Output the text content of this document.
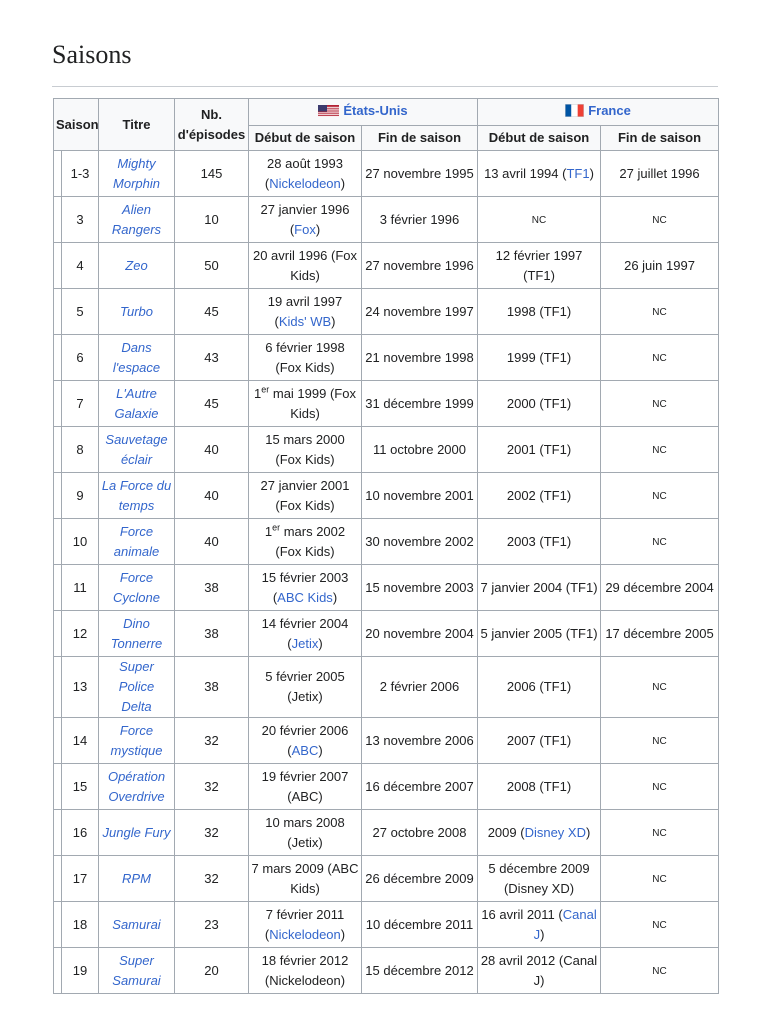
Saisons
Saison		Titre	Nb.
d'épisodes	États-Unis		France	
				Début de saison	Fin de saison	Début de saison	Fin de saison
	1-3	Mighty
Morphin	145	28 août 1993
(Nickelodeon)	27 novembre 1995	13 avril 1994 (TF1)	27 juillet 1996
	3	Alien
Rangers	10	27 janvier 1996
(Fox)	3 février 1996	NC	NC
	4	Zeo	50	20 avril 1996 (Fox
Kids)	27 novembre 1996	12 février 1997
(TF1)	26 juin 1997
	5	Turbo	45	19 avril 1997
(Kids' WB)	24 novembre 1997	1998 (TF1)	NC
	6	Dans
l'espace	43	6 février 1998
(Fox Kids)	21 novembre 1998	1999 (TF1)	NC
	7	L'Autre
Galaxie	45	1er mai 1999 (Fox
Kids)	31 décembre 1999	2000 (TF1)	NC
	8	Sauvetage
éclair	40	15 mars 2000
(Fox Kids)	11 octobre 2000	2001 (TF1)	NC
	9	La Force du
temps	40	27 janvier 2001
(Fox Kids)	10 novembre 2001	2002 (TF1)	NC
	10	Force
animale	40	1er mars 2002
(Fox Kids)	30 novembre 2002	2003 (TF1)	NC
	11	Force
Cyclone	38	15 février 2003
(ABC Kids)	15 novembre 2003	7 janvier 2004 (TF1)	29 décembre 2004
	12	Dino
Tonnerre	38	14 février 2004
(Jetix)	20 novembre 2004	5 janvier 2005 (TF1)	17 décembre 2005
	13	Super Police
Delta	38	5 février 2005
(Jetix)	2 février 2006	2006 (TF1)	NC
	14	Force
mystique	32	20 février 2006
(ABC)	13 novembre 2006	2007 (TF1)	NC
	15	Opération
Overdrive	32	19 février 2007
(ABC)	16 décembre 2007	2008 (TF1)	NC
	16	Jungle Fury	32	10 mars 2008
(Jetix)	27 octobre 2008	2009 (Disney XD)	NC
	17	RPM	32	7 mars 2009 (ABC
Kids)	26 décembre 2009	5 décembre 2009
(Disney XD)	NC
	18	Samurai	23	7 février 2011
(Nickelodeon)	10 décembre 2011	16 avril 2011 (Canal
J)	NC
	19	Super
Samurai	20	18 février 2012
(Nickelodeon)	15 décembre 2012	28 avril 2012 (Canal
J)	NC
